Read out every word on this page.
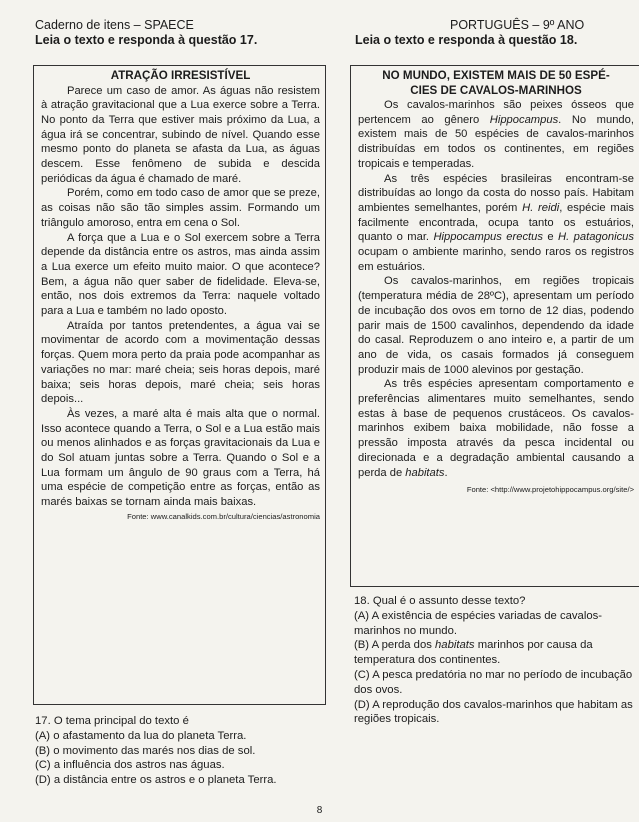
Caderno de itens – SPAECE	PORTUGUÊS – 9º ANO
Leia o texto e responda à questão 17.	Leia o texto e responda à questão 18.
ATRAÇÃO IRRESISTÍVEL

Parece um caso de amor. As águas não resistem à atração gravitacional que a Lua exerce sobre a Terra. No ponto da Terra que estiver mais próximo da Lua, a água irá se concentrar, subindo de nível. Quando esse mesmo ponto do planeta se afasta da Lua, as águas descem. Esse fenômeno de subida e descida periódicas da água é chamado de maré.

Porém, como em todo caso de amor que se preze, as coisas não são tão simples assim. Formando um triângulo amoroso, entra em cena o Sol.

A força que a Lua e o Sol exercem sobre a Terra depende da distância entre os astros, mas ainda assim a Lua exerce um efeito muito maior. O que acontece? Bem, a água não quer saber de fidelidade. Eleva-se, então, nos dois extremos da Terra: naquele voltado para a Lua e também no lado oposto.

Atraída por tantos pretendentes, a água vai se movimentar de acordo com a movimentação dessas forças. Quem mora perto da praia pode acompanhar as variações no mar: maré cheia; seis horas depois, maré baixa; seis horas depois, maré cheia; seis horas depois...

Às vezes, a maré alta é mais alta que o normal. Isso acontece quando a Terra, o Sol e a Lua estão mais ou menos alinhados e as forças gravitacionais da Lua e do Sol atuam juntas sobre a Terra. Quando o Sol e a Lua formam um ângulo de 90 graus com a Terra, há uma espécie de competição entre as forças, então as marés baixas se tornam ainda mais baixas.

Fonte: www.canalkids.com.br/cultura/ciencias/astronomia
17. O tema principal do texto é
(A) o afastamento da lua do planeta Terra.
(B) o movimento das marés nos dias de sol.
(C) a influência dos astros nas águas.
(D) a distância entre os astros e o planeta Terra.
NO MUNDO, EXISTEM MAIS DE 50 ESPÉ-
CIES DE CAVALOS-MARINHOS

Os cavalos-marinhos são peixes ósseos que pertencem ao gênero Hippocampus. No mundo, existem mais de 50 espécies de cavalos-marinhos distribuídas em todos os continentes, em regiões tropicais e temperadas.

As três espécies brasileiras encontram-se distribuídas ao longo da costa do nosso país. Habitam ambientes semelhantes, porém H. reidi, espécie mais facilmente encontrada, ocupa tanto os estuários, quanto o mar. Hippocampus erectus e H. patagonicus ocupam o ambiente marinho, sendo raros os registros em estuários.

Os cavalos-marinhos, em regiões tropicais (temperatura média de 28ºC), apresentam um período de incubação dos ovos em torno de 12 dias, podendo parir mais de 1500 cavalinhos, dependendo da idade do casal. Reproduzem o ano inteiro e, a partir de um ano de vida, os casais formados já conseguem produzir mais de 1000 alevinos por gestação.

As três espécies apresentam comportamento e preferências alimentares muito semelhantes, sendo estas à base de pequenos crustáceos. Os cavalos-marinhos exibem baixa mobilidade, não fosse a pressão imposta através da pesca incidental ou direcionada e a degradação ambiental causando a perda de habitats.

Fonte: <http://www.projetohippocampus.org/site/>
18. Qual é o assunto desse texto?
(A) A existência de espécies variadas de cavalos-marinhos no mundo.
(B) A perda dos habitats marinhos por causa da temperatura dos continentes.
(C) A pesca predatória no mar no período de incubação dos ovos.
(D) A reprodução dos cavalos-marinhos que habitam as regiões tropicais.
8
